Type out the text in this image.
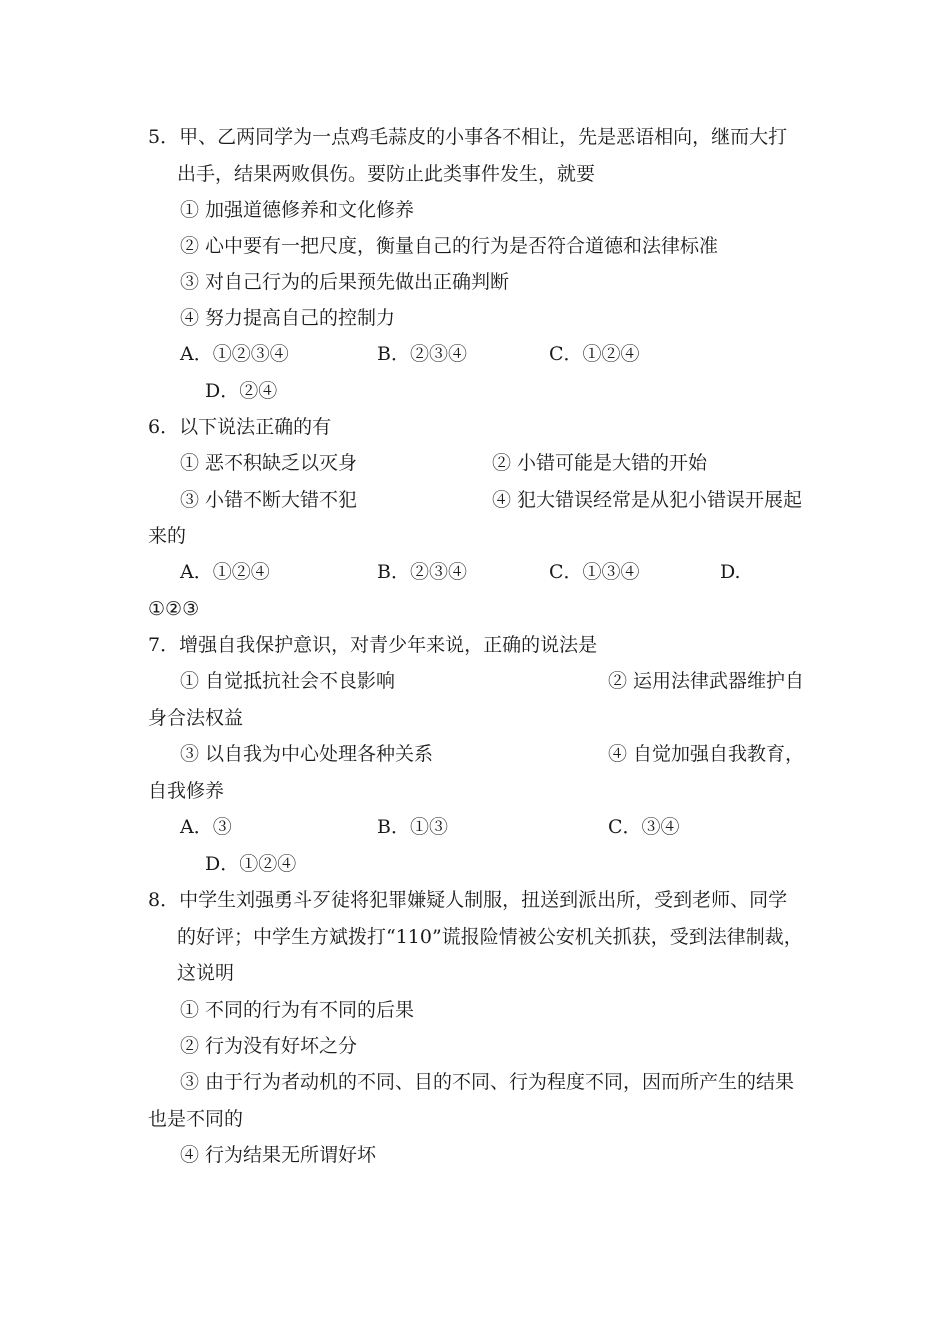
5．甲、乙两同学为一点鸡毛蒜皮的小事各不相让，先是恶语相向，继而大打
出手，结果两败俱伤。要防止此类事件发生，就要
① 加强道德修养和文化修养
② 心中要有一把尺度，衡量自己的行为是否符合道德和法律标准
③ 对自己行为的后果预先做出正确判断
④ 努力提高自己的控制力
A．①②③④	B．②③④	C．①②④
D．②④
6．以下说法正确的有
① 恶不积缺乏以灭身	② 小错可能是大错的开始
③ 小错不断大错不犯	④ 犯大错误经常是从犯小错误开展起
来的
A．①②④	B．②③④	C．①③④	D.
①②③
7．增强自我保护意识，对青少年来说，正确的说法是
① 自觉抵抗社会不良影响	② 运用法律武器维护自
身合法权益
③ 以自我为中心处理各种关系	④ 自觉加强自我教育，
自我修养
A．③	B．①③	C．③④
D．①②④
8．中学生刘强勇斗歹徒将犯罪嫌疑人制服，扭送到派出所，受到老师、同学
的好评；中学生方斌拨打“110”谎报险情被公安机关抓获，受到法律制裁，
这说明
① 不同的行为有不同的后果
② 行为没有好坏之分
③ 由于行为者动机的不同、目的不同、行为程度不同，因而所产生的结果
也是不同的
④ 行为结果无所谓好坏
